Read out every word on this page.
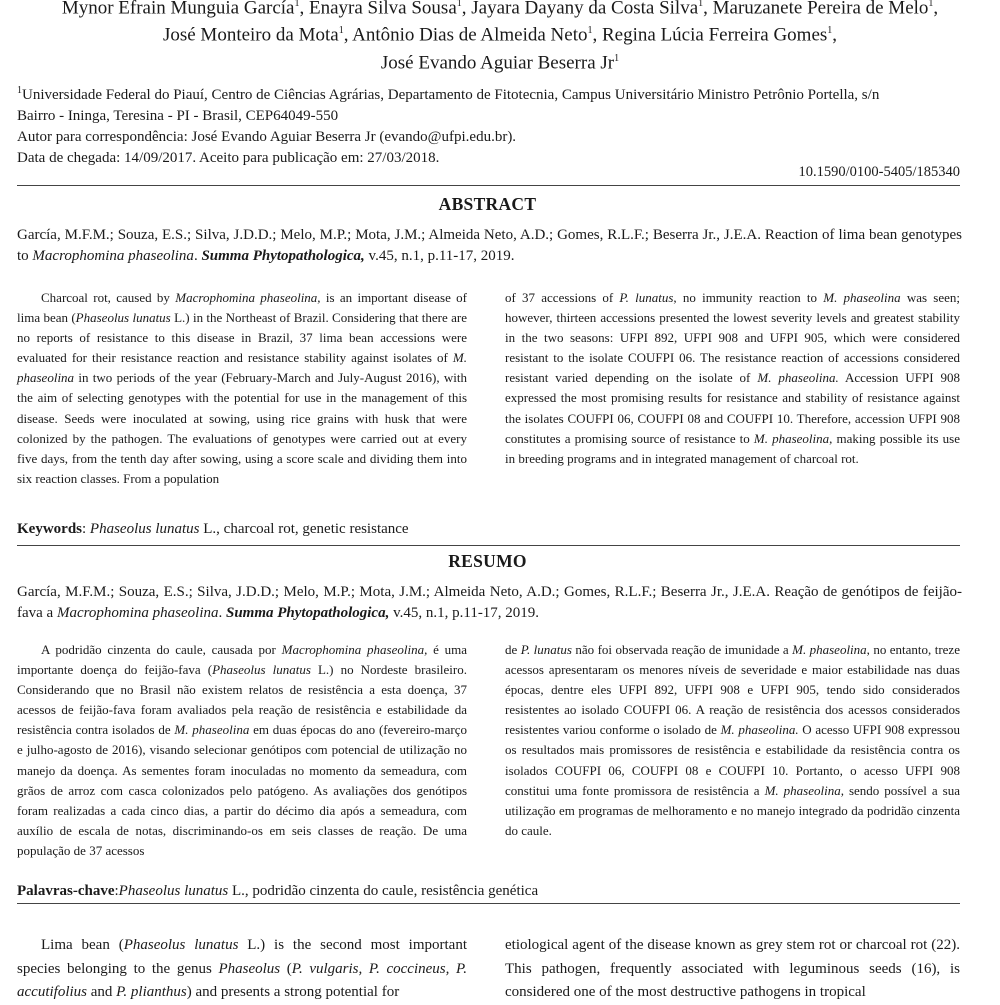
Mynor Efrain Munguia García$^1$, Enayra Silva Sousa$^1$, Jayara Dayany da Costa Silva$^1$, Maruzanete Pereira de Melo$^1$,
José Monteiro da Mota$^1$, Antônio Dias de Almeida Neto$^1$, Regina Lúcia Ferreira Gomes$^1$,
José Evando Aguiar Beserra Jr$^1$
$^1$Universidade Federal do Piauí, Centro de Ciências Agrárias, Departamento de Fitotecnia, Campus Universitário Ministro Petrônio Portella, s/n
Bairro - Ininga, Teresina - PI - Brasil, CEP64049-550
Autor para correspondência: José Evando Aguiar Beserra Jr (evando@ufpi.edu.br).
Data de chegada: 14/09/2017. Aceito para publicação em: 27/03/2018.
10.1590/0100-5405/185340
ABSTRACT
García, M.F.M.; Souza, E.S.; Silva, J.D.D.; Melo, M.P.; Mota, J.M.; Almeida Neto, A.D.; Gomes, R.L.F.; Beserra Jr., J.E.A. Reaction of lima bean genotypes to Macrophomina phaseolina. Summa Phytopathologica, v.45, n.1, p.11-17, 2019.
Charcoal rot, caused by Macrophomina phaseolina, is an important disease of lima bean (Phaseolus lunatus L.) in the Northeast of Brazil. Considering that there are no reports of resistance to this disease in Brazil, 37 lima bean accessions were evaluated for their resistance reaction and resistance stability against isolates of M. phaseolina in two periods of the year (February-March and July-August 2016), with the aim of selecting genotypes with the potential for use in the management of this disease. Seeds were inoculated at sowing, using rice grains with husk that were colonized by the pathogen. The evaluations of genotypes were carried out at every five days, from the tenth day after sowing, using a score scale and dividing them into six reaction classes. From a population
of 37 accessions of P. lunatus, no immunity reaction to M. phaseolina was seen; however, thirteen accessions presented the lowest severity levels and greatest stability in the two seasons: UFPI 892, UFPI 908 and UFPI 905, which were considered resistant to the isolate COUFPI 06. The resistance reaction of accessions considered resistant varied depending on the isolate of M. phaseolina. Accession UFPI 908 expressed the most promising results for resistance and stability of resistance against the isolates COUFPI 06, COUFPI 08 and COUFPI 10. Therefore, accession UFPI 908 constitutes a promising source of resistance to M. phaseolina, making possible its use in breeding programs and in integrated management of charcoal rot.
Keywords: Phaseolus lunatus L., charcoal rot, genetic resistance
RESUMO
García, M.F.M.; Souza, E.S.; Silva, J.D.D.; Melo, M.P.; Mota, J.M.; Almeida Neto, A.D.; Gomes, R.L.F.; Beserra Jr., J.E.A. Reação de genótipos de feijão-fava a Macrophomina phaseolina. Summa Phytopathologica, v.45, n.1, p.11-17, 2019.
A podridão cinzenta do caule, causada por Macrophomina phaseolina, é uma importante doença do feijão-fava (Phaseolus lunatus L.) no Nordeste brasileiro. Considerando que no Brasil não existem relatos de resistência a esta doença, 37 acessos de feijão-fava foram avaliados pela reação de resistência e estabilidade da resistência contra isolados de M. phaseolina em duas épocas do ano (fevereiro-março e julho-agosto de 2016), visando selecionar genótipos com potencial de utilização no manejo da doença. As sementes foram inoculadas no momento da semeadura, com grãos de arroz com casca colonizados pelo patógeno. As avaliações dos genótipos foram realizadas a cada cinco dias, a partir do décimo dia após a semeadura, com auxílio de escala de notas, discriminando-os em seis classes de reação. De uma população de 37 acessos
de P. lunatus não foi observada reação de imunidade a M. phaseolina, no entanto, treze acessos apresentaram os menores níveis de severidade e maior estabilidade nas duas épocas, dentre eles UFPI 892, UFPI 908 e UFPI 905, tendo sido considerados resistentes ao isolado COUFPI 06. A reação de resistência dos acessos considerados resistentes variou conforme o isolado de M. phaseolina. O acesso UFPI 908 expressou os resultados mais promissores de resistência e estabilidade da resistência contra os isolados COUFPI 06, COUFPI 08 e COUFPI 10. Portanto, o acesso UFPI 908 constitui uma fonte promissora de resistência a M. phaseolina, sendo possível a sua utilização em programas de melhoramento e no manejo integrado da podridão cinzenta do caule.
Palavras-chave:Phaseolus lunatus L., podridão cinzenta do caule, resistência genética
Lima bean (Phaseolus lunatus L.) is the second most important species belonging to the genus Phaseolus (P. vulgaris, P. coccineus, P. accutifolius and P. plianthus) and presents a strong potential for
etiological agent of the disease known as grey stem rot or charcoal rot (22). This pathogen, frequently associated with leguminous seeds (16), is considered one of the most destructive pathogens in tropical
